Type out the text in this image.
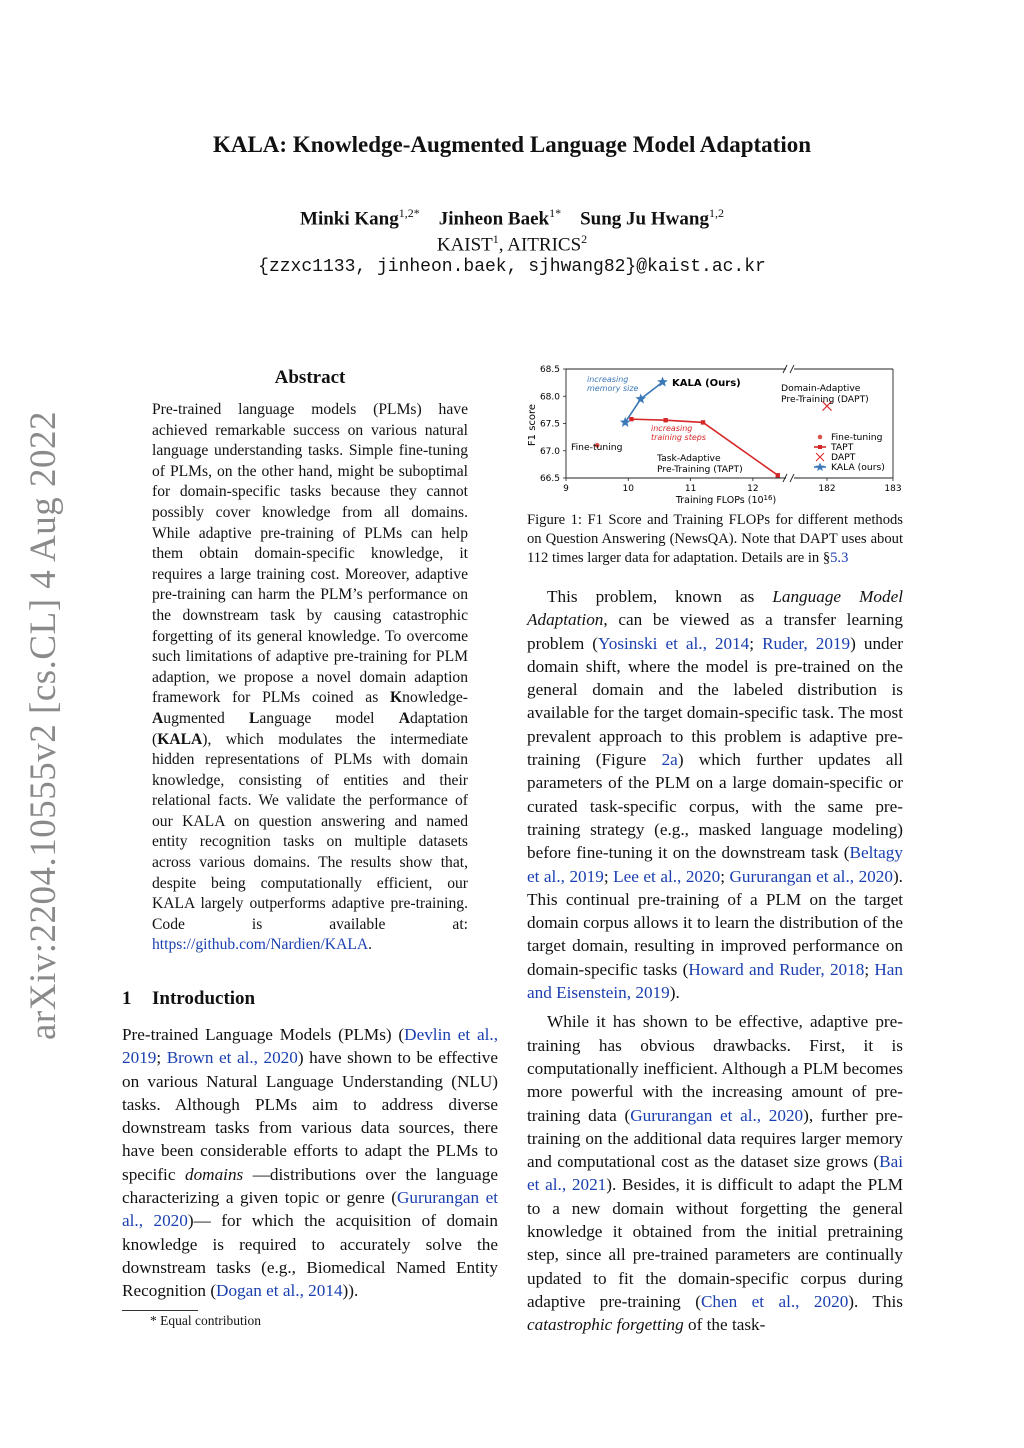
arXiv:2204.10555v2 [cs.CL] 4 Aug 2022
KALA: Knowledge-Augmented Language Model Adaptation
Minki Kang$^{1,2*}$ Jinheon Baek$^{1*}$ Sung Ju Hwang$^{1,2}$
KAIST$^1$, AITRICS$^2$
{zzxc1133, jinheon.baek, sjhwang82}@kaist.ac.kr
Abstract

Pre-trained language models (PLMs) have achieved remarkable success on various natural language understanding tasks. Simple fine-tuning of PLMs, on the other hand, might be suboptimal for domain-specific tasks because they cannot possibly cover knowledge from all domains. While adaptive pre-training of PLMs can help them obtain domain-specific knowledge, it requires a large training cost. Moreover, adaptive pre-training can harm the PLM’s performance on the downstream task by causing catastrophic forgetting of its general knowledge. To overcome such limitations of adaptive pre-training for PLM adaption, we propose a novel domain adaption framework for PLMs coined as Knowledge-Augmented Language model Adaptation (KALA), which modulates the intermediate hidden representations of PLMs with domain knowledge, consisting of entities and their relational facts. We validate the performance of our KALA on question answering and named entity recognition tasks on multiple datasets across various domains. The results show that, despite being computationally efficient, our KALA largely outperforms adaptive pre-training. Code is available at: https://github.com/Nardien/KALA.

1 Introduction

Pre-trained Language Models (PLMs) (Devlin et al., 2019; Brown et al., 2020) have shown to be effective on various Natural Language Understanding (NLU) tasks. Although PLMs aim to address diverse downstream tasks from various data sources, there have been considerable efforts to adapt the PLMs to specific domains —distributions over the language characterizing a given topic or genre (Gururangan et al., 2020)— for which the acquisition of domain knowledge is required to accurately solve the downstream tasks (e.g., Biomedical Named Entity Recognition (Dogan et al., 2014)).

* Equal contribution
66.5
67.0
67.5
68.0
68.5
9	10	11	12	182	183
F1 score
Training FLOPs $(10^{16})$
KALA (Ours)	Domain-Adaptive
Pre-Training (DAPT)
Task-Adaptive
Pre-Training (TAPT)
Fine-tuning
increasing
memory size
increasing
training steps	Fine-tuning
TAPT
DAPT
KALA (ours)
Figure 1: F1 Score and Training FLOPs for different methods on Question Answering (NewsQA). Note that DAPT uses about 112 times larger data for adaptation. Details are in §5.3

This problem, known as Language Model Adaptation, can be viewed as a transfer learning problem (Yosinski et al., 2014; Ruder, 2019) under domain shift, where the model is pre-trained on the general domain and the labeled distribution is available for the target domain-specific task. The most prevalent approach to this problem is adaptive pre-training (Figure 2a) which further updates all parameters of the PLM on a large domain-specific or curated task-specific corpus, with the same pre-training strategy (e.g., masked language modeling) before fine-tuning it on the downstream task (Beltagy et al., 2019; Lee et al., 2020; Gururangan et al., 2020). This continual pre-training of a PLM on the target domain corpus allows it to learn the distribution of the target domain, resulting in improved performance on domain-specific tasks (Howard and Ruder, 2018; Han and Eisenstein, 2019).

While it has shown to be effective, adaptive pre-training has obvious drawbacks. First, it is computationally inefficient. Although a PLM becomes more powerful with the increasing amount of pre-training data (Gururangan et al., 2020), further pre-training on the additional data requires larger memory and computational cost as the dataset size grows (Bai et al., 2021). Besides, it is difficult to adapt the PLM to a new domain without forgetting the general knowledge it obtained from the initial pretraining step, since all pre-trained parameters are continually updated to fit the domain-specific corpus during adaptive pre-training (Chen et al., 2020). This catastrophic forgetting of the task-
